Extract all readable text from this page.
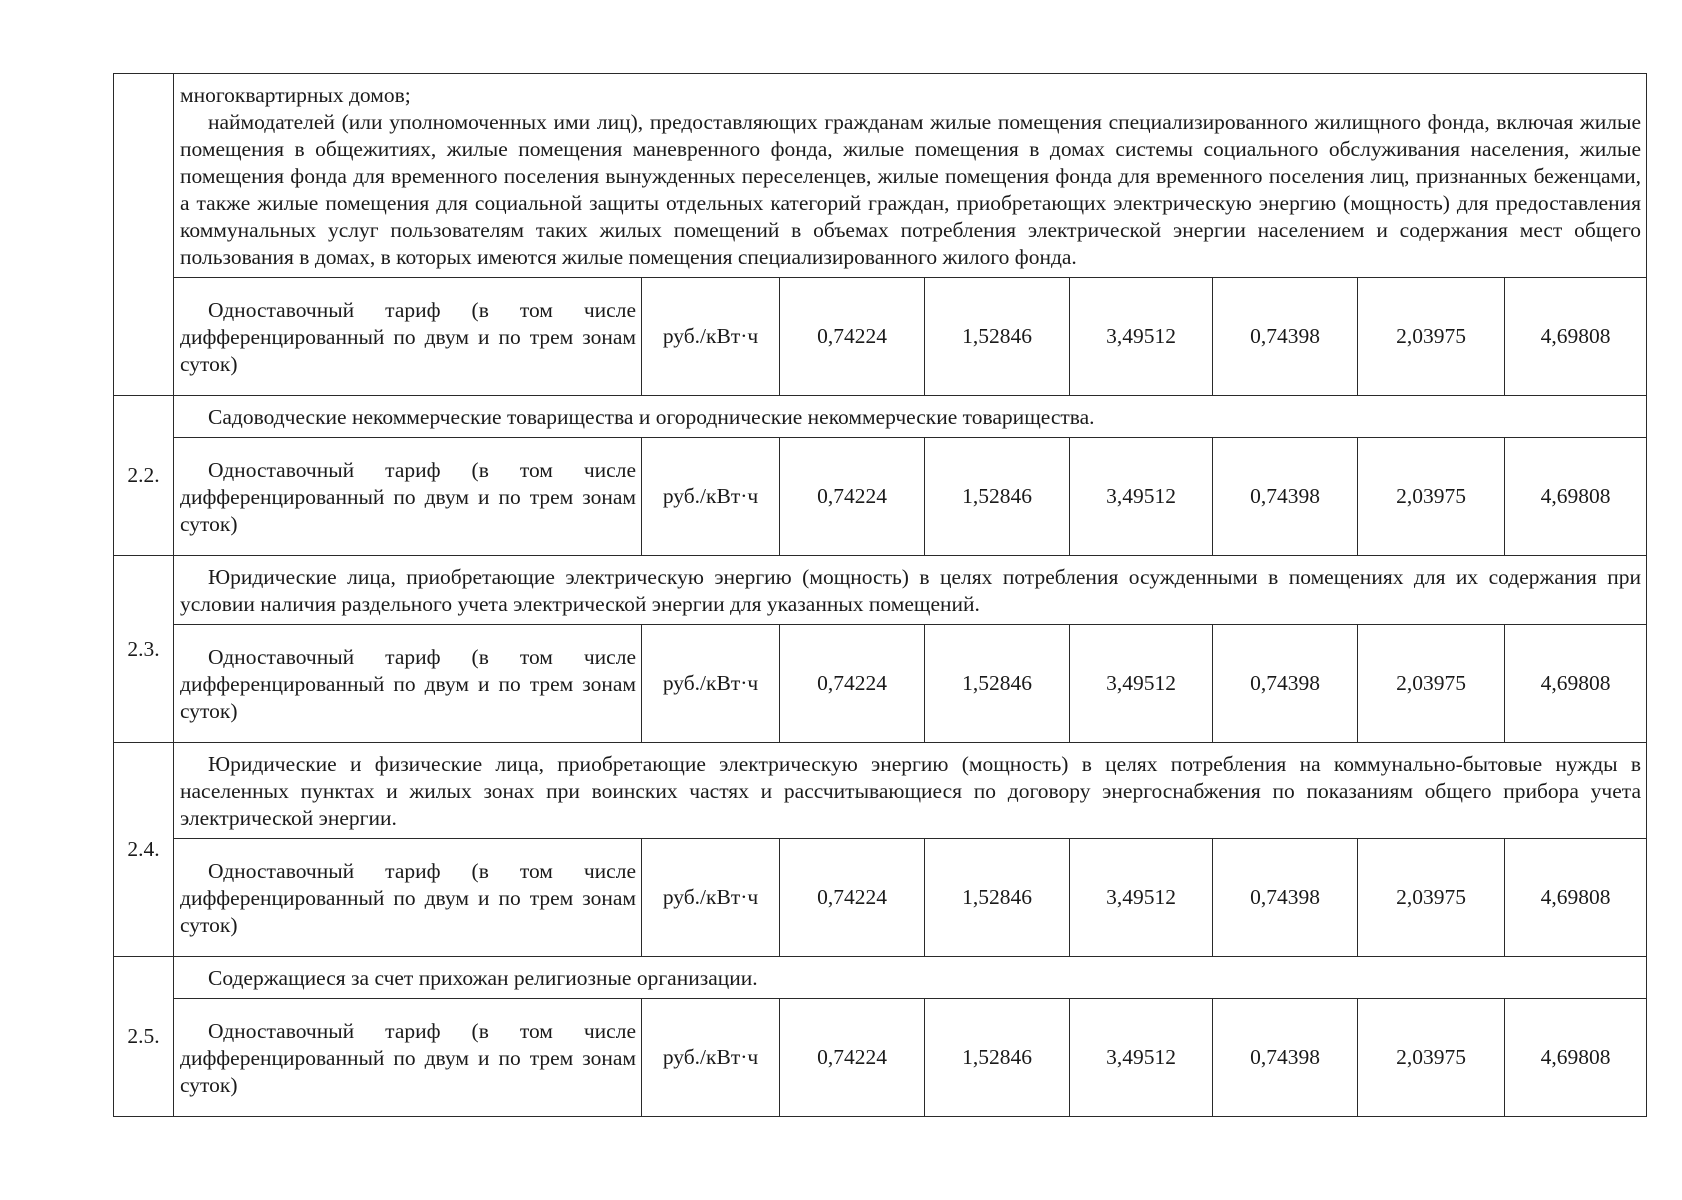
	многоквартирных домов;
наймодателей (или уполномоченных ими лиц), предоставляющих гражданам жилые помещения специализированного жилищного фонда, включая жилые помещения в общежитиях, жилые помещения маневренного фонда, жилые помещения в домах системы социального обслуживания населения, жилые помещения фонда для временного поселения вынужденных переселенцев, жилые помещения фонда для временного поселения лиц, признанных беженцами, а также жилые помещения для социальной защиты отдельных категорий граждан, приобретающих электрическую энергию (мощность) для предоставления коммунальных услуг пользователям таких жилых помещений в объемах потребления электрической энергии населением и содержания мест общего пользования в домах, в которых имеются жилые помещения специализированного жилого фонда.							

	Одноставочный тариф (в том числе дифференцированный по двум и по трем зонам суток)	руб./кВт·ч	0,74224	1,52846	3,49512	0,74398	2,03975	4,69808
2.2.	Садоводческие некоммерческие товарищества и огороднические некоммерческие товарищества.							

	Одноставочный тариф (в том числе дифференцированный по двум и по трем зонам суток)	руб./кВт·ч	0,74224	1,52846	3,49512	0,74398	2,03975	4,69808
2.3.	Юридические лица, приобретающие электрическую энергию (мощность) в целях потребления осужденными в помещениях для их содержания при условии наличия раздельного учета электрической энергии для указанных помещений.							

	Одноставочный тариф (в том числе дифференцированный по двум и по трем зонам суток)	руб./кВт·ч	0,74224	1,52846	3,49512	0,74398	2,03975	4,69808
2.4.	Юридические и физические лица, приобретающие электрическую энергию (мощность) в целях потребления на коммунально-бытовые нужды в населенных пунктах и жилых зонах при воинских частях и рассчитывающиеся по договору энергоснабжения по показаниям общего прибора учета электрической энергии.							

	Одноставочный тариф (в том числе дифференцированный по двум и по трем зонам суток)	руб./кВт·ч	0,74224	1,52846	3,49512	0,74398	2,03975	4,69808
2.5.	Содержащиеся за счет прихожан религиозные организации.							

	Одноставочный тариф (в том числе дифференцированный по двум и по трем зонам суток)	руб./кВт·ч	0,74224	1,52846	3,49512	0,74398	2,03975	4,69808
